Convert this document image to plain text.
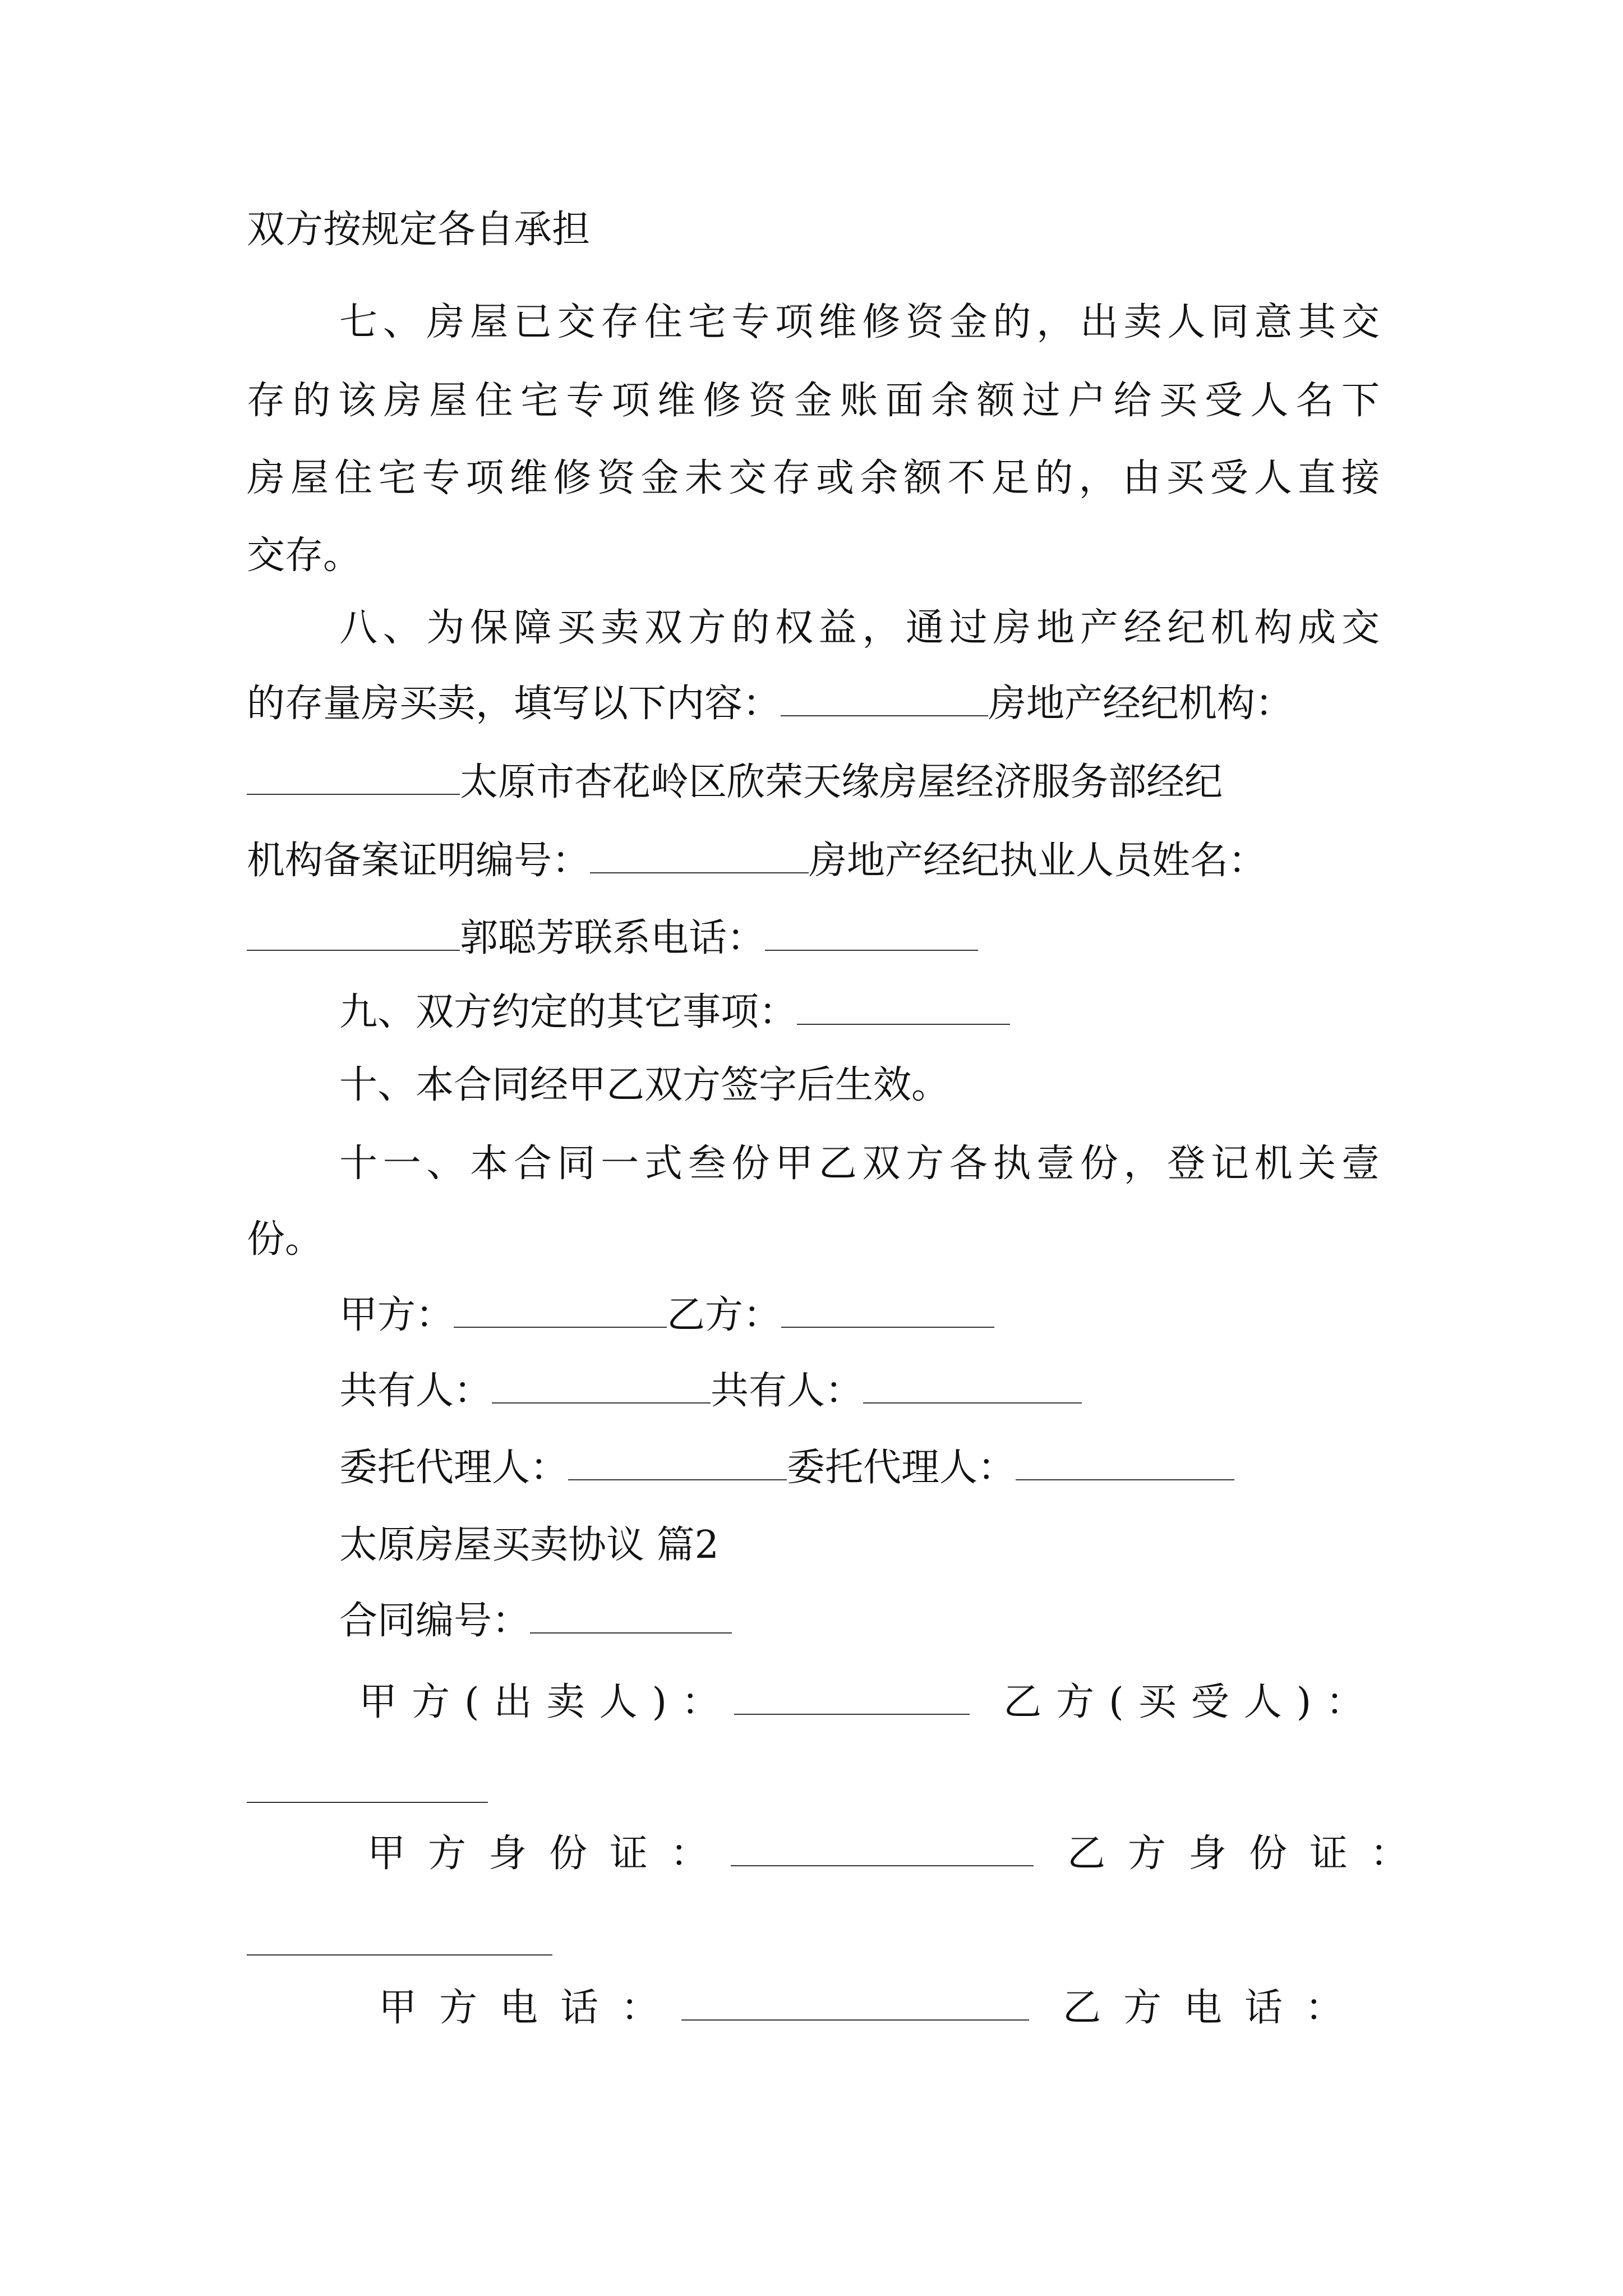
双方按规定各自承担
七、房屋已交存住宅专项维修资金的，出卖人同意其交
存的该房屋住宅专项维修资金账面余额过户给买受人名下
房屋住宅专项维修资金未交存或余额不足的，由买受人直接
交存。
八、为保障买卖双方的权益，通过房地产经纪机构成交
的存量房买卖，填写以下内容：	房地产经纪机构：
太原市杏花岭区欣荣天缘房屋经济服务部经纪
机构备案证明编号：	房地产经纪执业人员姓名：
郭聪芳联系电话：
九、双方约定的其它事项：
十、本合同经甲乙双方签字后生效。
十一、本合同一式叁份甲乙双方各执壹份，登记机关壹
份。
甲方：	乙方：
共有人：	共有人：
委托代理人：	委托代理人：
太原房屋买卖协议 篇2
合同编号：
甲方(出卖人)：	乙方(买受人)：
甲方身份证：	乙方身份证：
甲方电话：	乙方电话：
